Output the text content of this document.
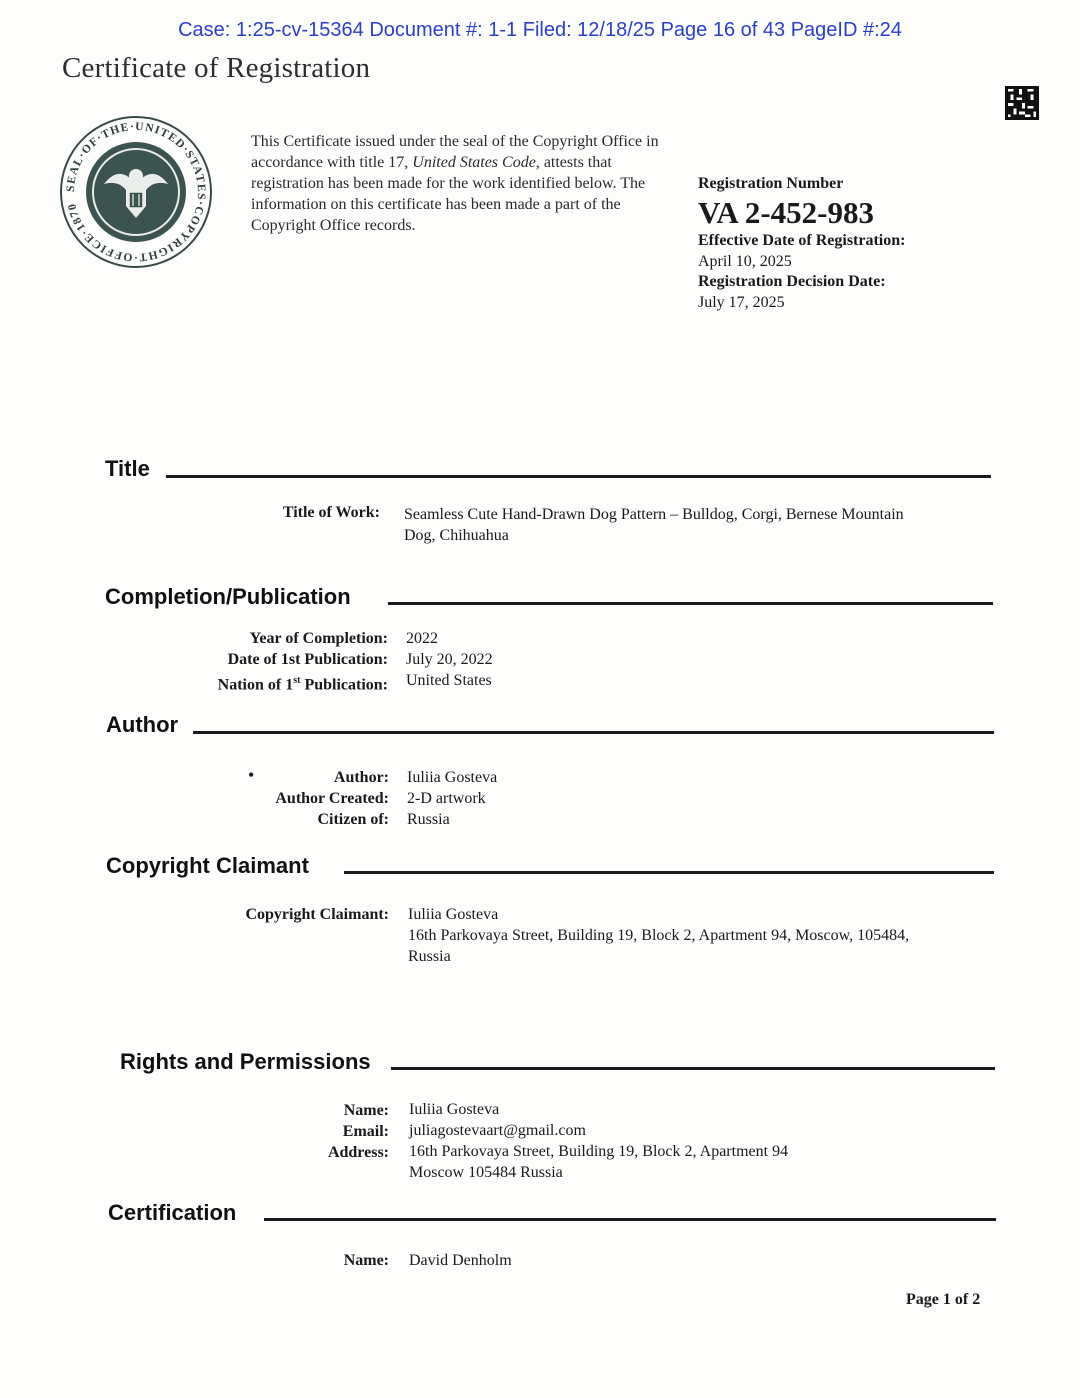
Case: 1:25-cv-15364 Document #: 1-1 Filed: 12/18/25 Page 16 of 43 PageID #:24
Certificate of Registration
SEAL·OF·THE·UNITED·STATES·COPYRIGHT·OFFICE·1870
This Certificate issued under the seal of the Copyright Office in accordance with title 17, United States Code, attests that registration has been made for the work identified below. The information on this certificate has been made a part of the Copyright Office records.
Registration Number
VA 2-452-983
Effective Date of Registration:
April 10, 2025
Registration Decision Date:
July 17, 2025
Title
Title of Work: Seamless Cute Hand-Drawn Dog Pattern – Bulldog, Corgi, Bernese Mountain
Dog, Chihuahua
Completion/Publication
Year of Completion:
Date of 1st Publication:
Nation of 1st Publication:
2022
July 20, 2022
United States
Author
•	Author:
Author Created:
Citizen of:
Iuliia Gosteva
2-D artwork
Russia
Copyright Claimant
Copyright Claimant: Iuliia Gosteva
16th Parkovaya Street, Building 19, Block 2, Apartment 94, Moscow, 105484,
Russia
Rights and Permissions
Name:
Email:
Address:
Iuliia Gosteva
juliagostevaart@gmail.com
16th Parkovaya Street, Building 19, Block 2, Apartment 94
Moscow 105484 Russia
Certification
Name: David Denholm
Page 1 of 2
